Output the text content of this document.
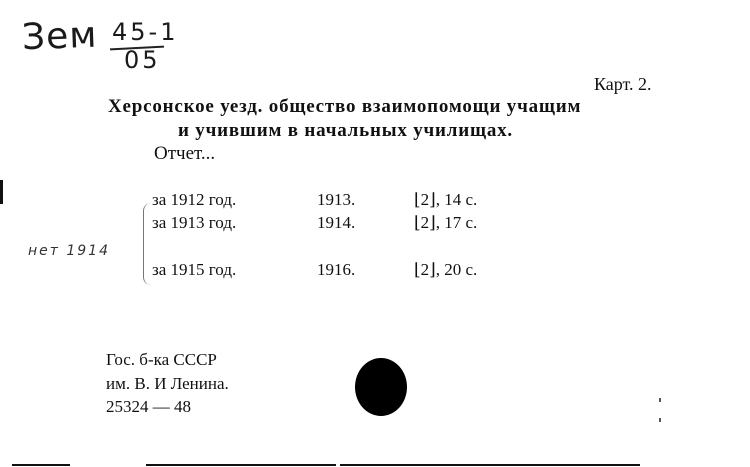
Зем 45-1
05
Карт. 2.
Херсонское уезд. общество взаимопомощи учащим
и учившим в начальных училищах.
Отчет...
за 1912 год.	1913.	⌊2⌋, 14 с.
за 1913 год.	1914.	⌊2⌋, 17 с.
за 1915 год.	1916.	⌊2⌋, 20 с.
нет 1914
Гос. б-ка СССР
им. В. И Ленина.
25324 — 48
